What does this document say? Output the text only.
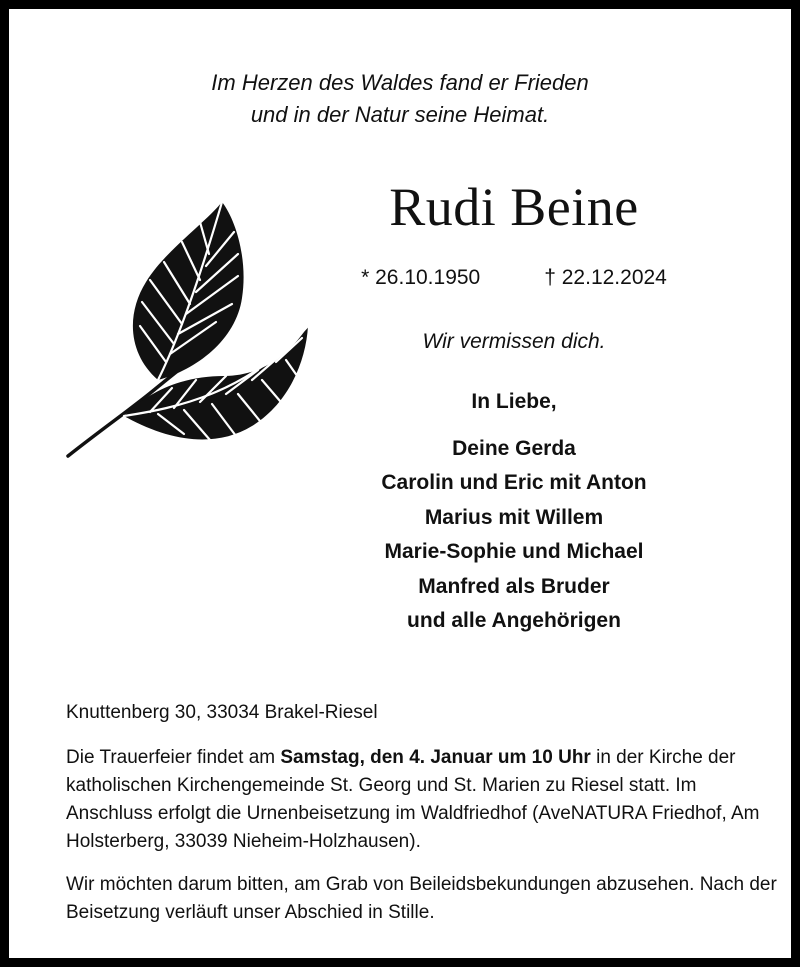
Im Herzen des Waldes fand er Frieden
und in der Natur seine Heimat.
Rudi Beine
* 26.10.1950	† 22.12.2024
Wir vermissen dich.
In Liebe,
Deine Gerda
Carolin und Eric mit Anton
Marius mit Willem
Marie-Sophie und Michael
Manfred als Bruder
und alle Angehörigen
Knuttenberg 30, 33034 Brakel-Riesel
Die Trauerfeier findet am Samstag, den 4. Januar um 10 Uhr in der Kirche der katholischen Kirchengemeinde St. Georg und St. Marien zu Riesel statt. Im Anschluss erfolgt die Urnenbeisetzung im Waldfriedhof (AveNATURA Friedhof, Am Holsterberg, 33039 Nieheim-Holzhausen).
Wir möchten darum bitten, am Grab von Beileidsbekundungen abzusehen. Nach der Beisetzung verläuft unser Abschied in Stille.
